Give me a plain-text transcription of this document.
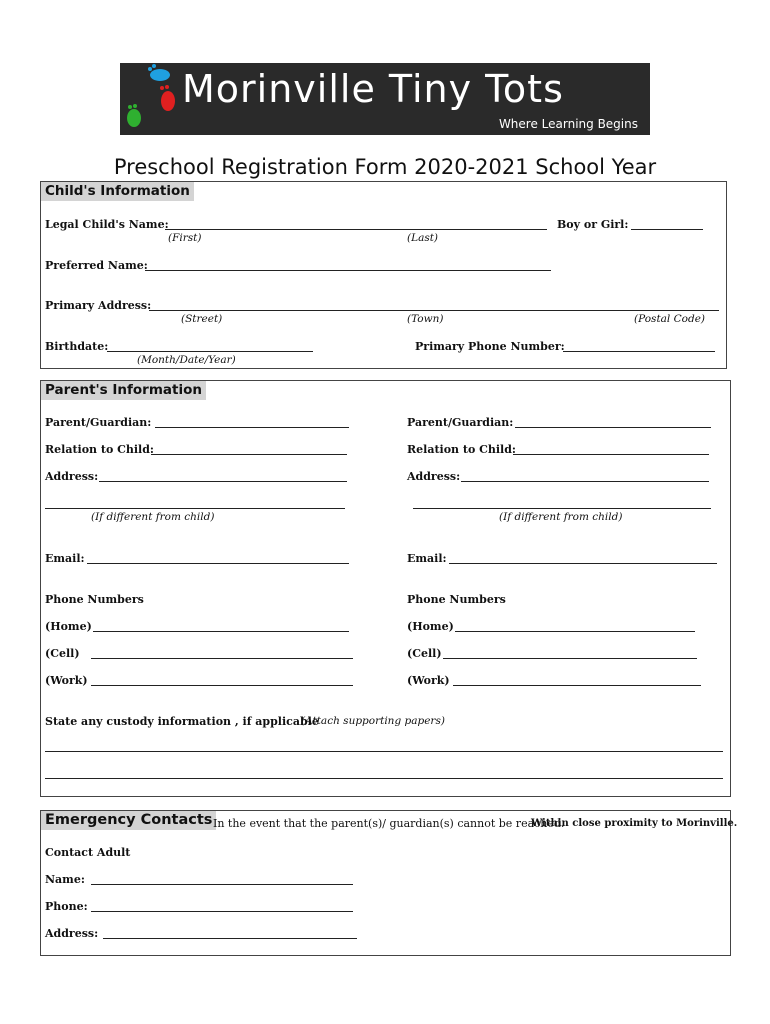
Morinville Tiny Tots
Where Learning Begins
Preschool Registration Form 2020-2021 School Year
Child's Information
Legal Child's Name:
(First)	(Last)
Boy or Girl:
Preferred Name:
Primary Address:
(Street)	(Town)	(Postal Code)
Birthdate:
(Month/Date/Year)
Primary Phone Number:
Parent's Information
Parent/Guardian:	Parent/Guardian:
Relation to Child:	Relation to Child:
Address:	Address:
(If different from child)	(If different from child)
Email:	Email:
Phone Numbers	Phone Numbers
(Home)	(Home)
(Cell)	(Cell)
(Work)	(Work)
State any custody information , if applicable
(Attach supporting papers)
Emergency Contacts In the event that the parent(s)/ guardian(s) cannot be reached.
Within close proximity to Morinville.
Contact Adult
Name:
Phone:
Address:
